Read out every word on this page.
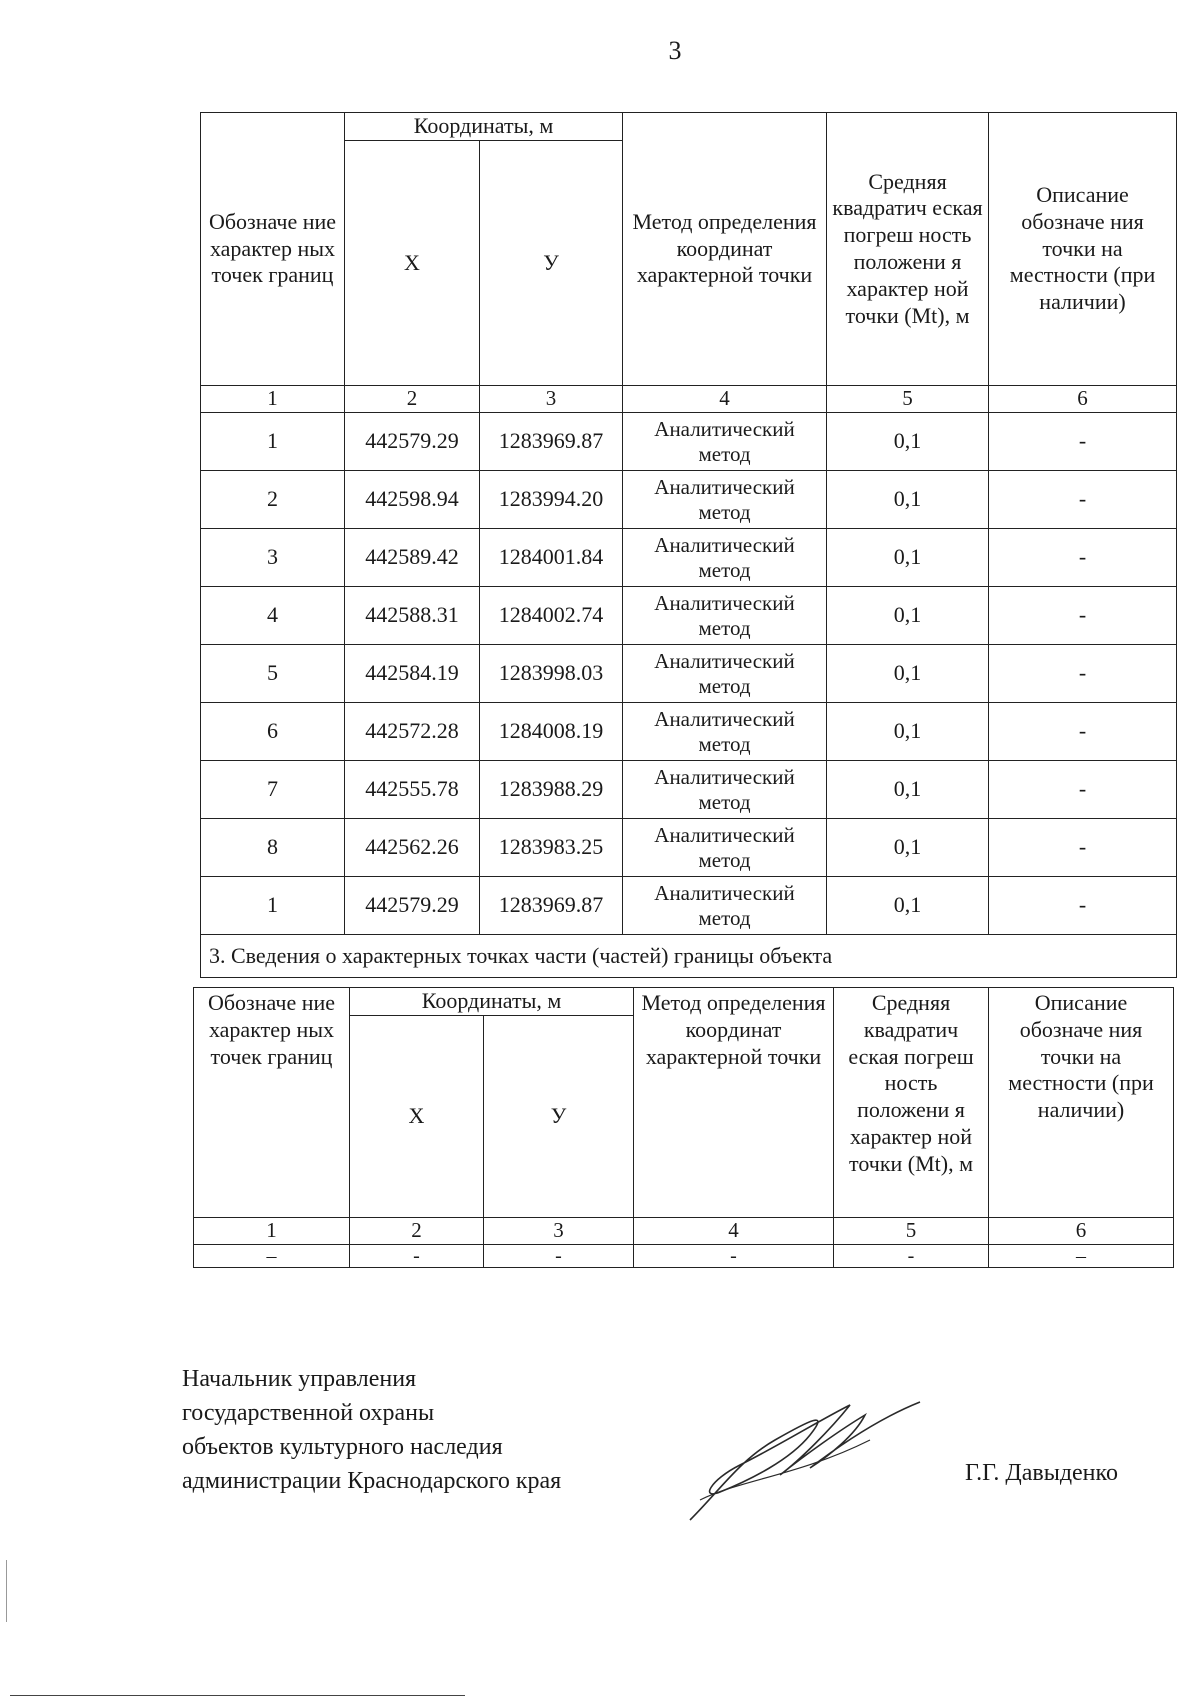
3
Обозначе ние характер ных точек границ	Координаты, м		Метод определения координат характерной точки	Средняя квадратич еская погреш ность положени я характер ной точки (Mt), м	Описание обозначе ния точки на местности (при наличии)
	X	У			
1	2	3	4	5	6
1	442579.29	1283969.87	Аналитический метод	0,1	-
2	442598.94	1283994.20	Аналитический метод	0,1	-
3	442589.42	1284001.84	Аналитический метод	0,1	-
4	442588.31	1284002.74	Аналитический метод	0,1	-
5	442584.19	1283998.03	Аналитический метод	0,1	-
6	442572.28	1284008.19	Аналитический метод	0,1	-
7	442555.78	1283988.29	Аналитический метод	0,1	-
8	442562.26	1283983.25	Аналитический метод	0,1	-
1	442579.29	1283969.87	Аналитический метод	0,1	-
3. Сведения о характерных точках части (частей) границы объекта					
Обозначе ние характер ных точек границ	Координаты, м		Метод определения координат характерной точки	Средняя квадратич еская погреш ность положени я характер ной точки (Mt), м	Описание обозначе ния точки на местности (при наличии)
	X	У			
1	2	3	4	5	6
–	-	-	-	-	–
Начальник управления
государственной охраны
объектов культурного наследия
администрации Краснодарского края	Г.Г. Давыденко
